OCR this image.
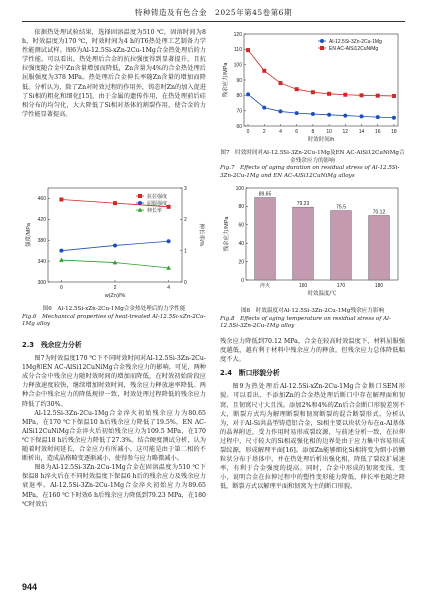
特种铸造及有色合金　2025年第45卷第6期

依据热处理试验结果，选择固溶温度为510 ℃，固溶时间为8 h，时效温度为170 ℃，时效时间为4 h的T6热处理工艺制备力学性能测试试样。图6为Al-12.5Si-xZn-2Cu-1Mg合金热处理后的力学性能。可以看出，热处理后合金的抗拉强度得到显著提升，且抗拉强度随合金中Zn含量增加而降低，Zn含量为4%的合金热处理后屈服强度为378 MPa。热处理后合金伸长率随Zn含量的增加而降低。分析认为，除了Zn对时效过程的作用外，铸态时Zn的加入促进了Si相的粗化和细化[15]，由于金属的遗传作用，在热处理前后硅相分布的均匀化，大大降低了Si相对基体的割裂作用，使合金的力学性能显著提高。

300
340
380
420
460
0
1
2
3
0	2	4
w(Zn)/%
强度/MPa	伸长率/%
抗拉强度
屈服强度
伸长率
图6　Al-12.5Si-xZn-2Cu-1Mg合金热处理后的力学性能
Fig.6　Mechanical properties of heat-treated Al-12.5Si-xZn-2Cu-1Mg alloy
2.3　残余应力分析

图7为时效温度170 ℃下不同时效时间对Al-12.5Si-3Zn-2Cu-1Mg和EN AC-AlSi12CuNiMg合金残余应力的影响。可见，两种成分合金中残余应力随时效时间的增加而降低，在时效初始阶段应力释放速度较快，继续增加时效时间，残余应力释放速率降低。两种合金中残余应力的降低规律一致，时效处理过程降低的残余应力降低了约30%。

Al-12.5Si-3Zn-2Cu-1Mg合金淬火初始残余应力为80.65 MPa，在170 ℃下保温10 h后残余应力降低了19.5%，EN AC-AlSi12CuNiMg合金淬火后初始残余应力为109.5 MPa，在170 ℃下保温18 h后残余应力降低了27.3%。结合硬度测试分析，认为随着时效时间延长，合金应力有所减小，这可能是由于第二相的不断析出，造成晶格畸变逐渐减小，使得参与应力略微减小。

图8为Al-12.5Si-3Zn-2Cu-1Mg合金在固溶温度为510 ℃下保温8 h淬火后在不同时效温度下保温6 h后的残余应力及残余应力衰退率。Al-12.5Si-3Zn-2Cu-1Mg合金淬火初始应力为89.65 MPa，在160 ℃下时效6 h后残余应力降低到79.23 MPa，在180 ℃时效后

60
70
80
90
100
110
120
0	2	4	6	8 10 12 14 16 18
时效时间/h
残余应力/MPa
Al-12.5Si-3Zn-2Cu-1Mg
EN AC-AlSi12CuNiMg
图7　时效时间对Al-12.5Si-3Zn-2Cu-1Mg及EN AC-AlSi12CuNiMg合金残余应力的影响
Fig.7　Effects of aging duration on residual stress of Al-12.5Si-3Zn-2Cu-1Mg and EN AC-AlSi12CuNiMg alloys
0
20
40
60
80
100
89.65
淬火
79.23
160
75.5
170
70.12
180
时效温度/℃
残余应力/MPa
图8　时效温度对Al-12.5Si-3Zn-2Cu-1Mg残余应力影响
Fig.8　Effects of aging temperature on residual stress of Al-12.5Si-3Zn-2Cu-1Mg alloy

残余应力降低到70.12 MPa，合金在较高时效温度下，材料屈服强度越低，越有利于材料中残余应力的释放，但残余应力总体降低幅度不大。

2.4　断口形貌分析

图9为热处理后Al-12.5Si-xZn-2Cu-1Mg合金断口SEM形貌。可以看出，不添加Zn的合金热处理后断口中存在解理面和韧窝，且韧窝尺寸大且浅。添加2%和4%的Zn后合金断口形貌差别不大，断裂方式均为解理断裂和韧窝断裂的混合断裂形式。分析认为，对于Al-Si共晶型铸造铝合金，Si相主要以块状分布在α-Al基体的晶界附近，受力作用时易形成裂纹源，与前述分析一致，在拉伸过程中，尺寸较大的Si相或强化相的边界处由于应力集中容易形成裂纹源，形成解理平面[16]。添加Zn能够细化Si相将变为细小的颗粒状分布于基体中，并在热处理后析出强化相，降低了裂纹扩展速率，有利于合金强度的提高。同时，合金中形成的韧窝变浅、变小，说明合金在拉伸过程中的塑性变形能力降低，伸长率也随之降低，断裂方式以解理平面和韧窝为主的断口形貌。

944
